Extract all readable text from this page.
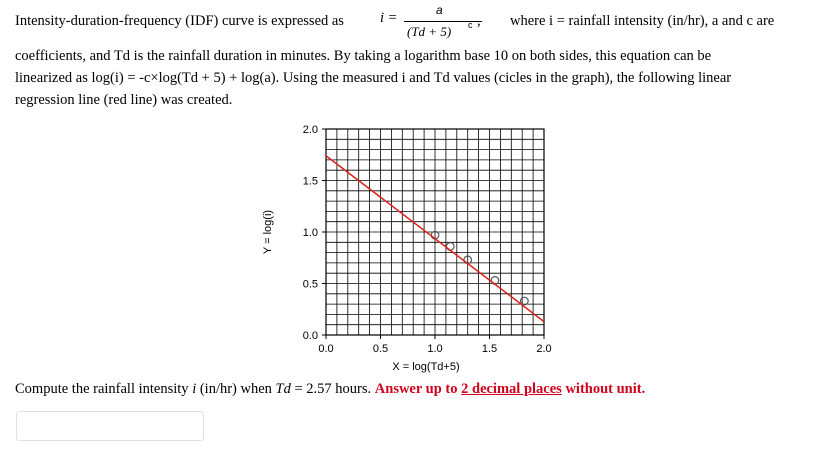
Intensity-duration-frequency (IDF) curve is expressed as	i =	a
(Td + 5) c , where i = rainfall intensity (in/hr), a and c are
coefficients, and Td is the rainfall duration in minutes. By taking a logarithm base 10 on both sides, this equation can be
linearized as log(i) = -c×log(Td + 5) + log(a). Using the measured i and Td values (cicles in the graph), the following linear
regression line (red line) was created.
0.0	0.5	1.0	1.5	2.0
0.0
0.5
1.0
1.5
2.0
X = log(Td+5)
Y = log(i)
Compute the rainfall intensity i (in/hr) when Td = 2.57 hours. Answer up to 2 decimal places without unit.
